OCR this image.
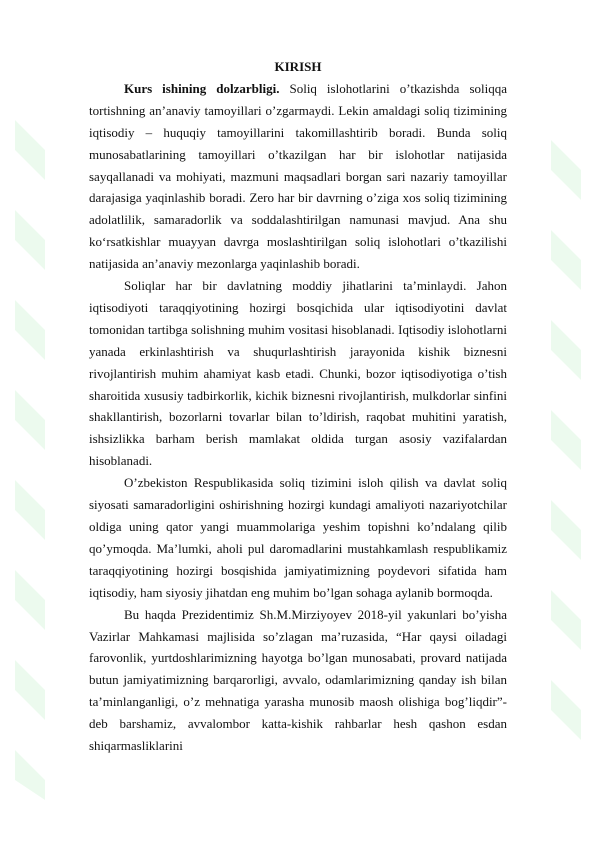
KIRISH

Kurs ishining dolzarbligi. Soliq islohotlarini o’tkazishda soliqqa tortishning an’anaviy tamoyillari o’zgarmaydi. Lekin amaldagi soliq tizimining iqtisodiy – huquqiy tamoyillarini takomillashtirib boradi. Bunda soliq munosabatlarining tamoyillari o’tkazilgan har bir islohotlar natijasida sayqallanadi va mohiyati, mazmuni maqsadlari borgan sari nazariy tamoyillar darajasiga yaqinlashib boradi. Zero har bir davrning o’ziga xos soliq tizimining adolatlilik, samaradorlik va soddalashtirilgan namunasi mavjud. Ana shu ko‘rsatkishlar muayyan davrga moslashtirilgan soliq islohotlari o’tkazilishi natijasida an’anaviy mezonlarga yaqinlashib boradi.

Soliqlar har bir davlatning moddiy jihatlarini ta’minlaydi. Jahon iqtisodiyoti taraqqiyotining hozirgi bosqichida ular iqtisodiyotini davlat tomonidan tartibga solishning muhim vositasi hisoblanadi. Iqtisodiy islohotlarni yanada erkinlashtirish va shuqurlashtirish jarayonida kishik biznesni rivojlantirish muhim ahamiyat kasb etadi. Chunki, bozor iqtisodiyotiga o’tish sharoitida xususiy tadbirkorlik, kichik biznesni rivojlantirish, mulkdorlar sinfini shakllantirish, bozorlarni tovarlar bilan to’ldirish, raqobat muhitini yaratish, ishsizlikka barham berish mamlakat oldida turgan asosiy vazifalardan hisoblanadi.

O’zbekiston Respublikasida soliq tizimini isloh qilish va davlat soliq siyosati samaradorligini oshirishning hozirgi kundagi amaliyoti nazariyotchilar oldiga uning qator yangi muammolariga yeshim topishni ko’ndalang qilib qo’ymoqda. Ma’lumki, aholi pul daromadlarini mustahkamlash respublikamiz taraqqiyotining hozirgi bosqishida jamiyatimizning poydevori sifatida ham iqtisodiy, ham siyosiy jihatdan eng muhim bo’lgan sohaga aylanib bormoqda.

Bu haqda Prezidentimiz Sh.M.Mirziyoyev 2018-yil yakunlari bo’yisha Vazirlar Mahkamasi majlisida so’zlagan ma’ruzasida, “Har qaysi oiladagi farovonlik, yurtdoshlarimizning hayotga bo’lgan munosabati, provard natijada butun jamiyatimizning barqarorligi, avvalo, odamlarimizning qanday ish bilan ta’minlanganligi, o’z mehnatiga yarasha munosib maosh olishiga bog’liqdir”- deb barshamiz, avvalombor katta-kishik rahbarlar hesh qashon esdan shiqarmasliklarini
